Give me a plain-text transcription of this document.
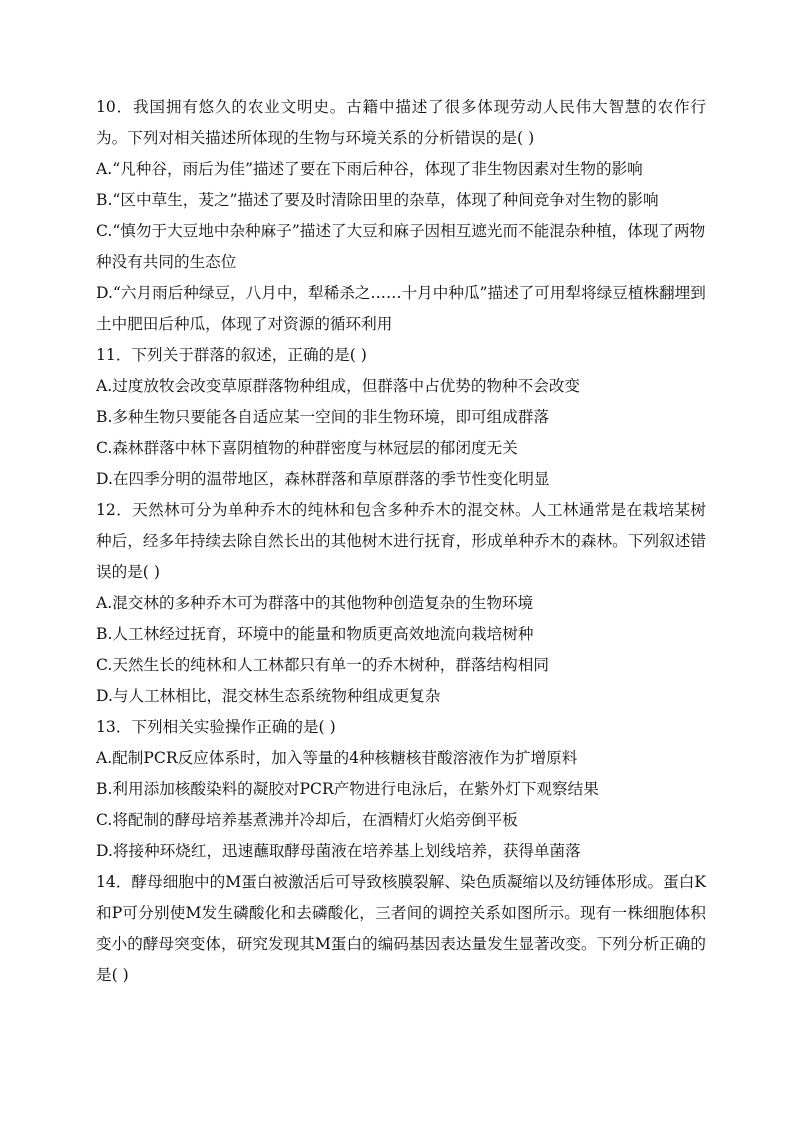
10．我国拥有悠久的农业文明史。古籍中描述了很多体现劳动人民伟大智慧的农作行为。下列对相关描述所体现的生物与环境关系的分析错误的是( )

A.“凡种谷，雨后为佳”描述了要在下雨后种谷，体现了非生物因素对生物的影响

B.“区中草生，茇之”描述了要及时清除田里的杂草，体现了种间竞争对生物的影响

C.“慎勿于大豆地中杂种麻子”描述了大豆和麻子因相互遮光而不能混杂种植，体现了两物种没有共同的生态位

D.“六月雨后种绿豆，八月中，犁稀杀之……十月中种瓜”描述了可用犁将绿豆植株翻埋到土中肥田后种瓜，体现了对资源的循环利用

11．下列关于群落的叙述，正确的是( )

A.过度放牧会改变草原群落物种组成，但群落中占优势的物种不会改变

B.多种生物只要能各自适应某一空间的非生物环境，即可组成群落

C.森林群落中林下喜阴植物的种群密度与林冠层的郁闭度无关

D.在四季分明的温带地区，森林群落和草原群落的季节性变化明显

12．天然林可分为单种乔木的纯林和包含多种乔木的混交林。人工林通常是在栽培某树种后，经多年持续去除自然长出的其他树木进行抚育，形成单种乔木的森林。下列叙述错误的是( )

A.混交林的多种乔木可为群落中的其他物种创造复杂的生物环境

B.人工林经过抚育，环境中的能量和物质更高效地流向栽培树种

C.天然生长的纯林和人工林都只有单一的乔木树种，群落结构相同

D.与人工林相比，混交林生态系统物种组成更复杂

13．下列相关实验操作正确的是( )

A.配制PCR反应体系时，加入等量的4种核糖核苷酸溶液作为扩增原料

B.利用添加核酸染料的凝胶对PCR产物进行电泳后，在紫外灯下观察结果

C.将配制的酵母培养基煮沸并冷却后，在酒精灯火焰旁倒平板

D.将接种环烧红，迅速蘸取酵母菌液在培养基上划线培养，获得单菌落

14．酵母细胞中的M蛋白被激活后可导致核膜裂解、染色质凝缩以及纺锤体形成。蛋白K和P可分别使M发生磷酸化和去磷酸化，三者间的调控关系如图所示。现有一株细胞体积变小的酵母突变体，研究发现其M蛋白的编码基因表达量发生显著改变。下列分析正确的是( )
